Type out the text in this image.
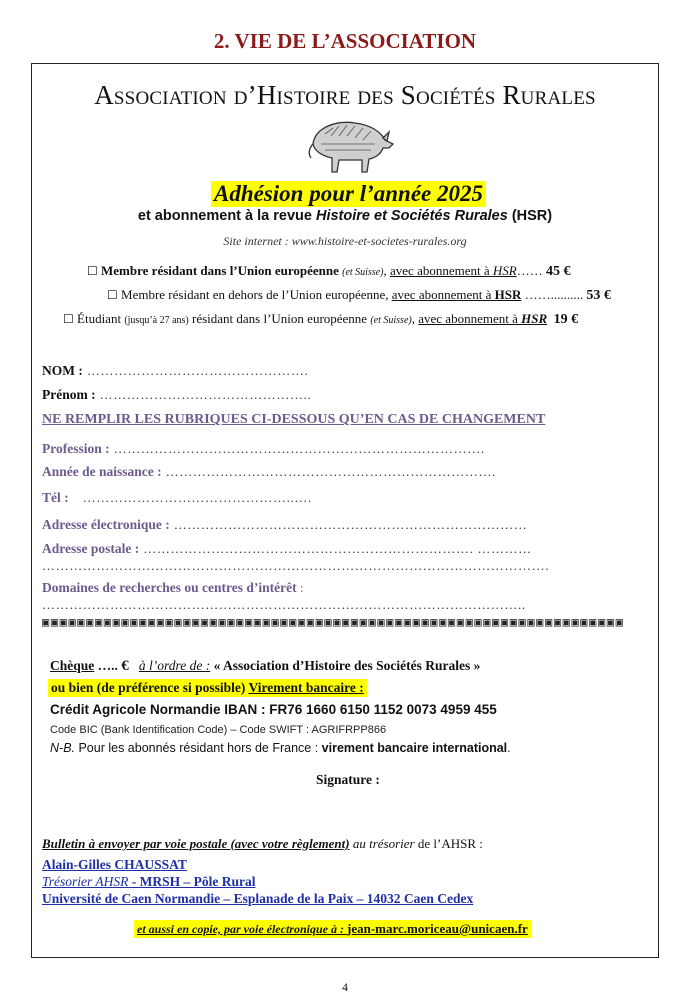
2. VIE DE L’ASSOCIATION
Association d’Histoire des Sociétés Rurales
Adhésion pour l’année 2025
et abonnement à la revue Histoire et Sociétés Rurales (HSR)
Site internet : www.histoire-et-societes-rurales.org
☐ Membre résidant dans l’Union européenne (et Suisse), avec abonnement à HSR…… 45 €
☐ Membre résidant en dehors de l’Union européenne, avec abonnement à HSR …….......... 53 €
☐ Étudiant (jusqu’à 27 ans) résidant dans l’Union européenne (et Suisse), avec abonnement à HSR 19 €
NOM : ………………………………………….
Prénom : ………………………………………..
NE REMPLIR LES RUBRIQUES CI-DESSOUS QU’EN CAS DE CHANGEMENT
Profession : ……………………………………………………………………….
Année de naissance : ……………………………………………………………….
Tél : ………………………………………..….
Adresse électronique : ……………………………………………………………………
Adresse postale : ………………………………………………………………. …………
………………………………………………………………………………………………….
Domaines de recherches ou centres d’intérêt :
……………………………………………………………………………………………..
▣▣▣▣▣▣▣▣▣▣▣▣▣▣▣▣▣▣▣▣▣▣▣▣▣▣▣▣▣▣▣▣▣▣▣▣▣▣▣▣▣▣▣▣▣▣▣▣▣▣▣▣▣▣▣▣▣▣▣▣▣▣▣▣▣▣
Chèque ….. € à l’ordre de : « Association d’Histoire des Sociétés Rurales »
ou bien (de préférence si possible) Virement bancaire :
Crédit Agricole Normandie IBAN : FR76 1660 6150 1152 0073 4959 455
Code BIC (Bank Identification Code) – Code SWIFT : AGRIFRPP866
N-B. Pour les abonnés résidant hors de France : virement bancaire international.
Signature :
Bulletin à envoyer par voie postale (avec votre règlement) au trésorier de l’AHSR :
Alain-Gilles CHAUSSAT
Trésorier AHSR - MRSH – Pôle Rural
Université de Caen Normandie – Esplanade de la Paix – 14032 Caen Cedex
et aussi en copie, par voie électronique à : jean-marc.moriceau@unicaen.fr
4
